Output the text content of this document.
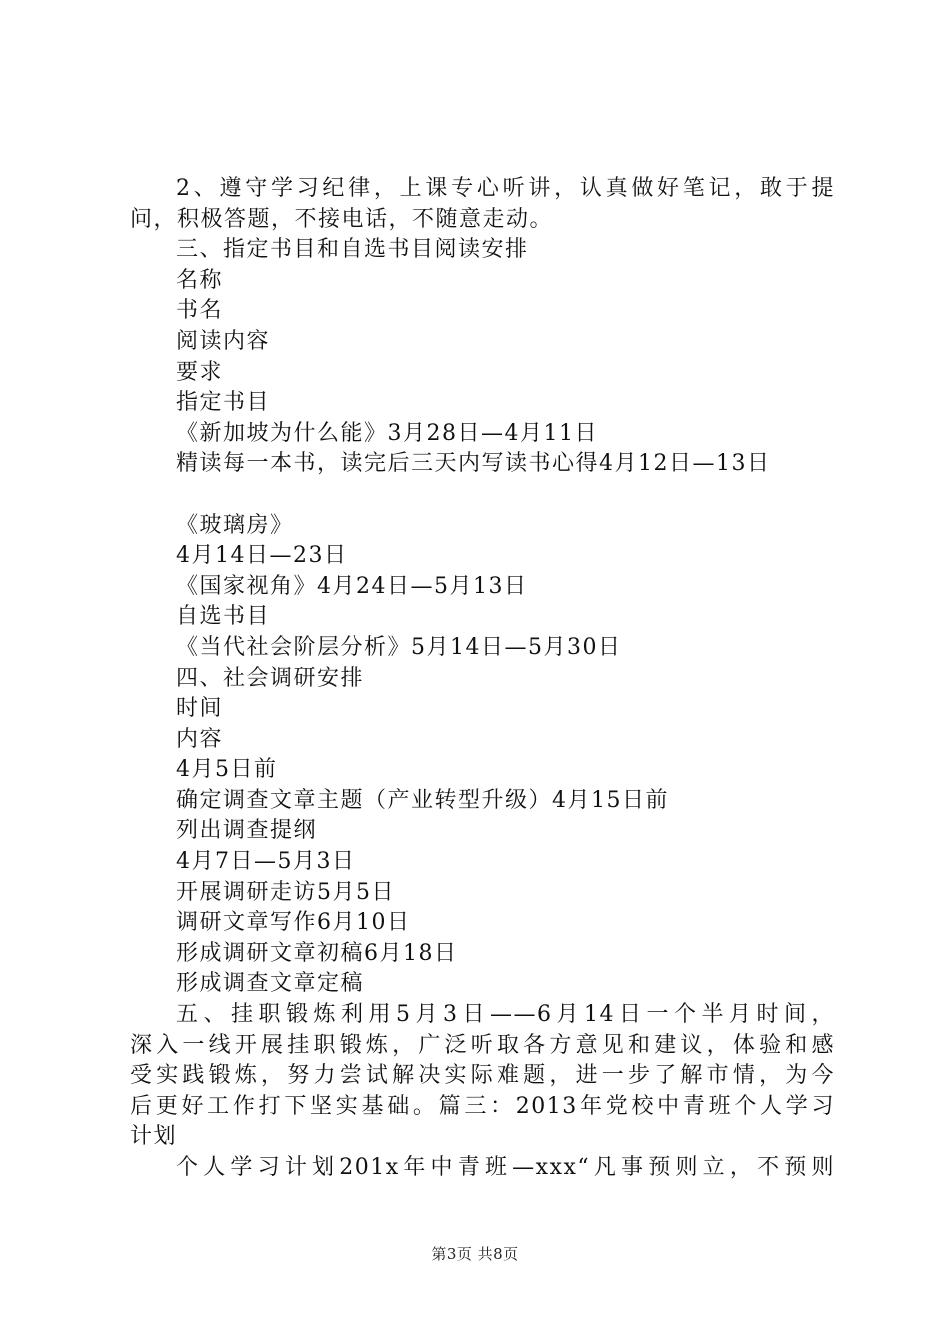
2、遵守学习纪律，上课专心听讲，认真做好笔记，敢于提
问，积极答题，不接电话，不随意走动。
三、指定书目和自选书目阅读安排
名称
书名
阅读内容
要求
指定书目
《新加坡为什么能》3月28日—4月11日
精读每一本书，读完后三天内写读书心得4月12日—13日
《玻璃房》
4月14日—23日
《国家视角》4月24日—5月13日
自选书目
《当代社会阶层分析》5月14日—5月30日
四、社会调研安排
时间
内容
4月5日前
确定调查文章主题（产业转型升级）4月15日前
列出调查提纲
4月7日—5月3日
开展调研走访5月5日
调研文章写作6月10日
形成调研文章初稿6月18日
形成调查文章定稿
五、挂职锻炼利用5月3日——6月14日一个半月时间，
深入一线开展挂职锻炼，广泛听取各方意见和建议，体验和感
受实践锻炼，努力尝试解决实际难题，进一步了解市情，为今
后更好工作打下坚实基础。篇三：2013年党校中青班个人学习
计划
个人学习计划201x年中青班—xxx“凡事预则立，不预则
第3页 共8页
